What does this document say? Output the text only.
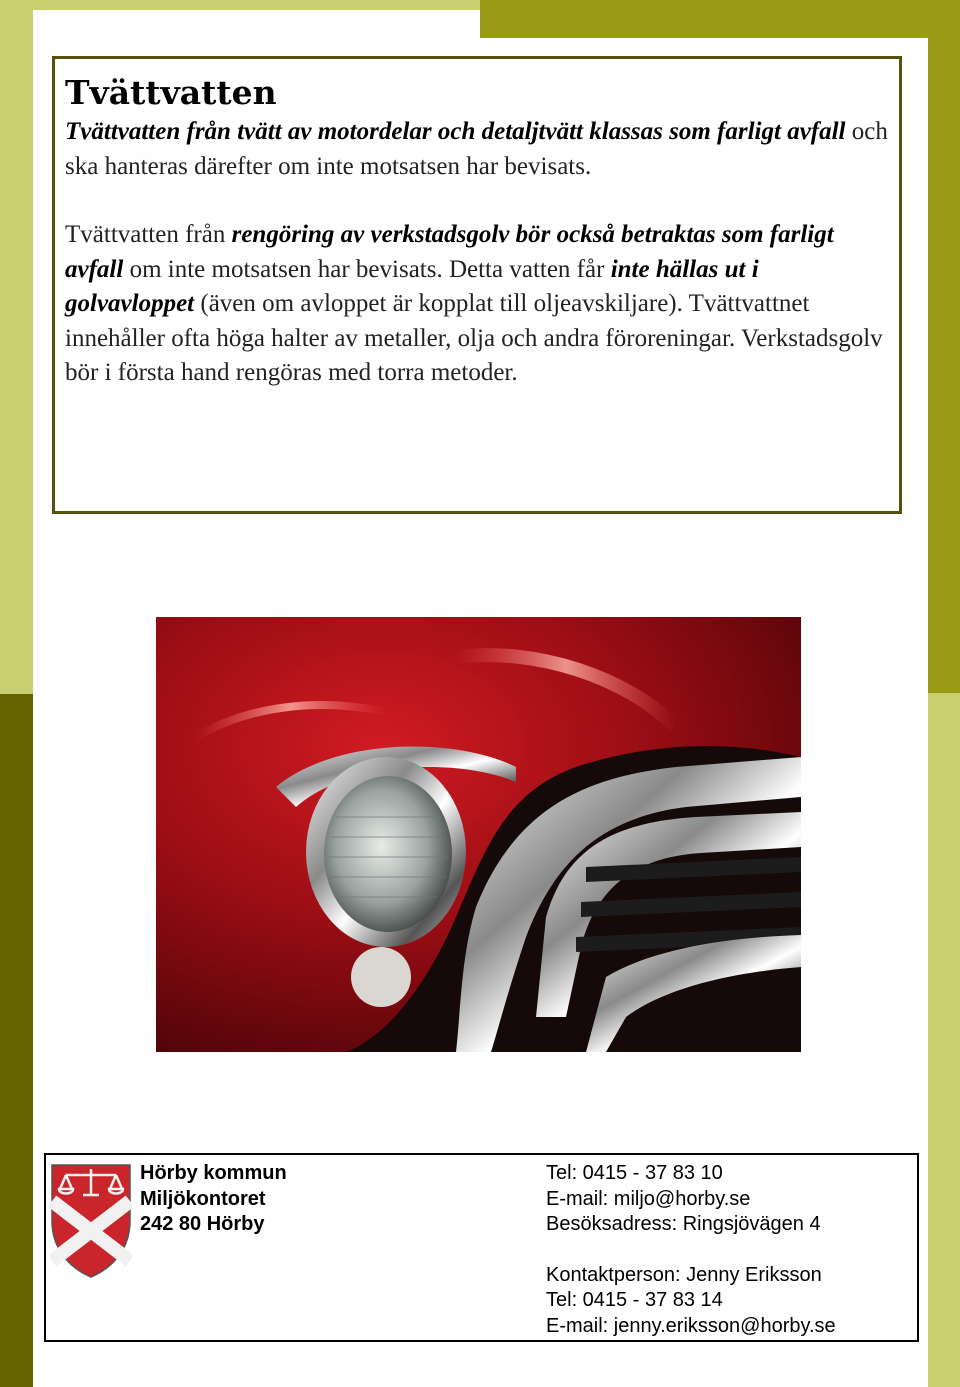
Tvättvatten

Tvättvatten från tvätt av motordelar och detaljtvätt klassas som farligt avfall och ska hanteras därefter om inte motsatsen har bevisats.

Tvättvatten från rengöring av verkstadsgolv bör också betraktas som farligt avfall om inte motsatsen har bevisats. Detta vatten får inte hällas ut i golvavloppet (även om avloppet är kopplat till oljeavskiljare). Tvättvattnet innehåller ofta höga halter av metaller, olja och andra föroreningar. Verkstadsgolv bör i första hand rengöras med torra metoder.

Hörby kommun
Miljökontoret
242 80 Hörby
Tel: 0415 - 37 83 10
E-mail: miljo@horby.se
Besöksadress: Ringsjövägen 4
Kontaktperson: Jenny Eriksson
Tel: 0415 - 37 83 14
E-mail: jenny.eriksson@horby.se
